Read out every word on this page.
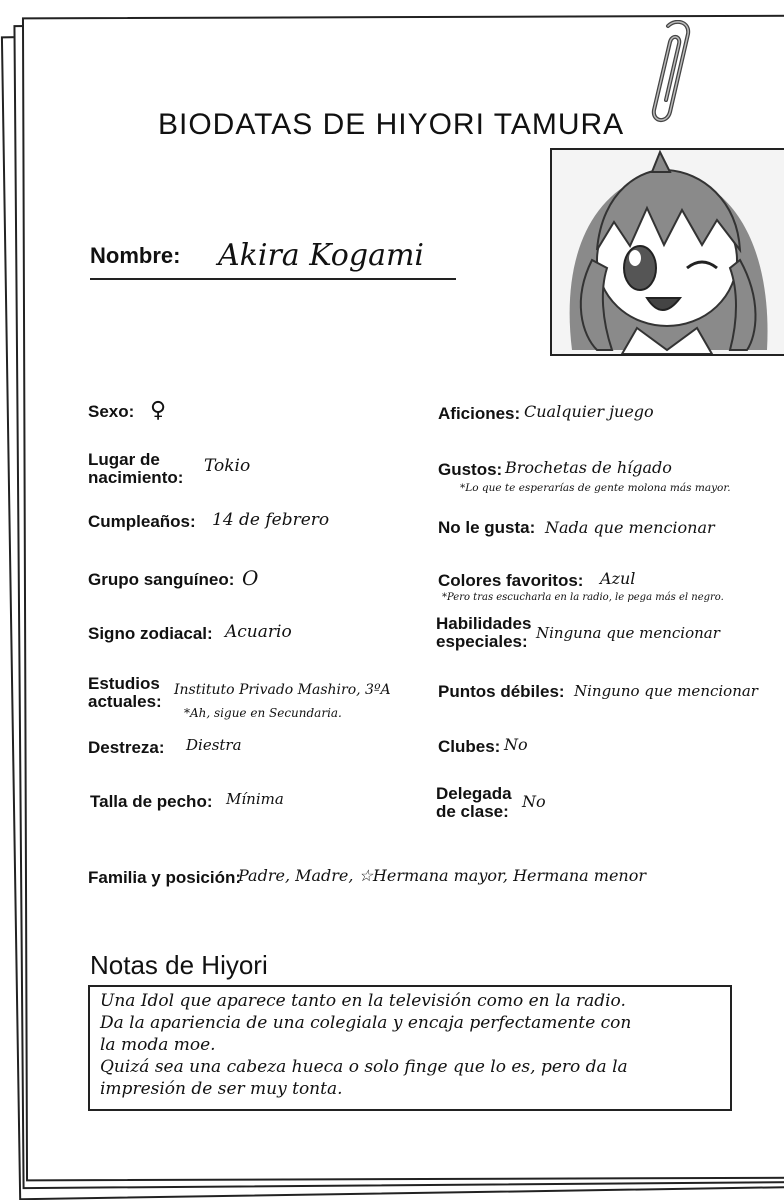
BIODATAS DE HIYORI TAMURA
Nombre: Akira Kogami
Sexo: ♀
Lugar de
nacimiento:
Tokio
Cumpleaños: 14 de febrero
Grupo sanguíneo: O
Signo zodiacal: Acuario
Estudios
actuales:
Instituto Privado Mashiro, 3ºA
*Ah, sigue en Secundaria.
Destreza: Diestra
Talla de pecho: Mínima
Aficiones: Cualquier juego
Gustos: Brochetas de hígado
*Lo que te esperarías de gente molona más mayor.
No le gusta: Nada que mencionar
Colores favoritos: Azul
*Pero tras escucharla en la radio, le pega más el negro.
Habilidades
especiales: Ninguna que mencionar
Puntos débiles: Ninguno que mencionar
Clubes: No
Delegada
de clase:
No
Familia y posición:
Padre, Madre, ☆Hermana mayor, Hermana menor
Notas de Hiyori
Una Idol que aparece tanto en la televisión como en la radio.
Da la apariencia de una colegiala y encaja perfectamente con
la moda moe.
Quizá sea una cabeza hueca o solo finge que lo es, pero da la
impresión de ser muy tonta.
